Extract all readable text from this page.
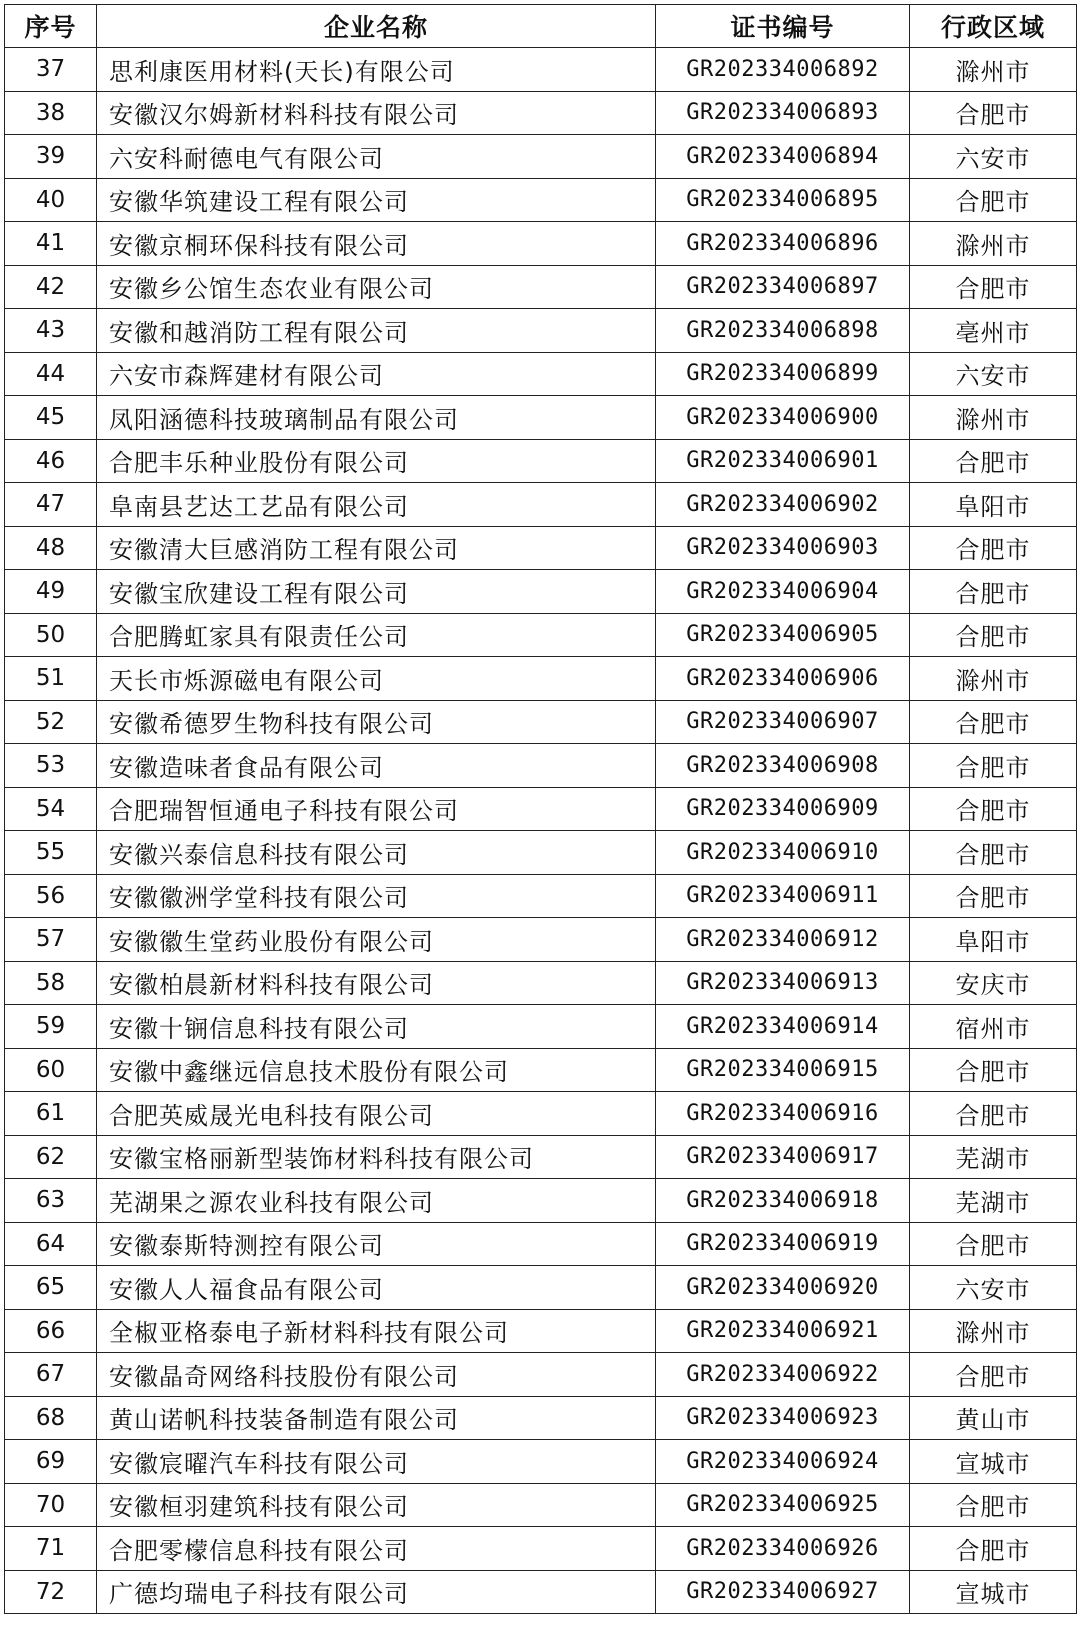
序号	企业名称	证书编号	行政区域
37	思利康医用材料(天长)有限公司	GR202334006892	滁州市
38	安徽汉尔姆新材料科技有限公司	GR202334006893	合肥市
39	六安科耐德电气有限公司	GR202334006894	六安市
40	安徽华筑建设工程有限公司	GR202334006895	合肥市
41	安徽京桐环保科技有限公司	GR202334006896	滁州市
42	安徽乡公馆生态农业有限公司	GR202334006897	合肥市
43	安徽和越消防工程有限公司	GR202334006898	亳州市
44	六安市森辉建材有限公司	GR202334006899	六安市
45	凤阳涵德科技玻璃制品有限公司	GR202334006900	滁州市
46	合肥丰乐种业股份有限公司	GR202334006901	合肥市
47	阜南县艺达工艺品有限公司	GR202334006902	阜阳市
48	安徽清大巨感消防工程有限公司	GR202334006903	合肥市
49	安徽宝欣建设工程有限公司	GR202334006904	合肥市
50	合肥腾虹家具有限责任公司	GR202334006905	合肥市
51	天长市烁源磁电有限公司	GR202334006906	滁州市
52	安徽希德罗生物科技有限公司	GR202334006907	合肥市
53	安徽造味者食品有限公司	GR202334006908	合肥市
54	合肥瑞智恒通电子科技有限公司	GR202334006909	合肥市
55	安徽兴泰信息科技有限公司	GR202334006910	合肥市
56	安徽徽洲学堂科技有限公司	GR202334006911	合肥市
57	安徽徽生堂药业股份有限公司	GR202334006912	阜阳市
58	安徽柏晨新材料科技有限公司	GR202334006913	安庆市
59	安徽十锎信息科技有限公司	GR202334006914	宿州市
60	安徽中鑫继远信息技术股份有限公司	GR202334006915	合肥市
61	合肥英威晟光电科技有限公司	GR202334006916	合肥市
62	安徽宝格丽新型装饰材料科技有限公司	GR202334006917	芜湖市
63	芜湖果之源农业科技有限公司	GR202334006918	芜湖市
64	安徽泰斯特测控有限公司	GR202334006919	合肥市
65	安徽人人福食品有限公司	GR202334006920	六安市
66	全椒亚格泰电子新材料科技有限公司	GR202334006921	滁州市
67	安徽晶奇网络科技股份有限公司	GR202334006922	合肥市
68	黄山诺帆科技装备制造有限公司	GR202334006923	黄山市
69	安徽宸曜汽车科技有限公司	GR202334006924	宣城市
70	安徽桓羽建筑科技有限公司	GR202334006925	合肥市
71	合肥零檬信息科技有限公司	GR202334006926	合肥市
72	广德均瑞电子科技有限公司	GR202334006927	宣城市
